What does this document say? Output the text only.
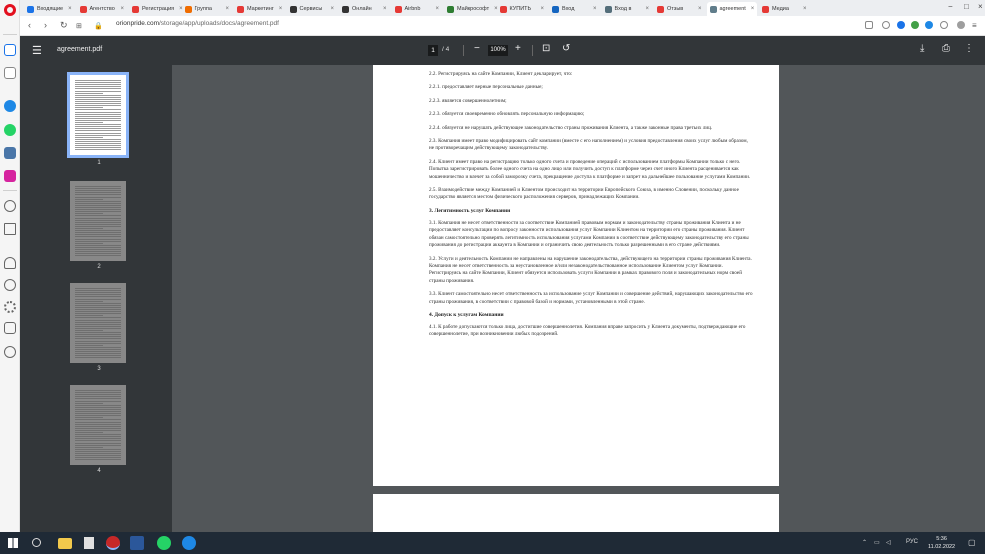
Входящие ×	Агентство ×	Регистрация × Группа	×	Маркетинг ×	Сервисы	×	Онлайн	×	Airbnb	×	Майкрософт × КУПИТЬ	×	Вход	×	Вход в	×	Отзыв	×	agreement ×	Медиа	×	− □ ×
‹ › ↻ ⊞ 🔒 orionpride.com/storage/app/uploads/docs/agreement.pdf	≡
☰ agreement.pdf	1	/ 4 −	100% + ⊡ ↺	⤓ ⎙ ⋮
1
2
3
4
2.2. Регистрируясь на сайте Компании, Клиент декларирует, что:
2.2.1. предоставляет верные персональные данные;
2.2.3. является совершеннолетним;
2.2.3. обязуется своевременно обновлять персональную информацию;
2.2.4. обязуется не нарушать действующее законодательство страны проживания Клиента, а также законные права третьих лиц.
2.3. Компания имеет право модифицировать сайт компании (вместе с его наполнением) и условия предоставления своих услуг любым образом, не противоречащим действующему законодательству.
2.4. Клиент имеет право на регистрацию только одного счета и проведение операций с использованием платформы Компании только с него. Попытка зарегистрировать более одного счета на одно лицо или получить доступ к платформе через счет иного Клиента расценивается как мошенничество и влечет за собой заморозку счета, прекращение доступа к платформе и запрет на дальнейшее пользование услугами Компании.
2.5. Взаимодействие между Компанией и Клиентом происходит на территории Европейского Союза, в именно Словении, поскольку данное государство является местом физического расположения серверов, принадлежащих Компании.
3. Легитимность услуг Компании
3.1. Компания не несет ответственности за соответствие Компанией правовым нормам и законодательству страны проживания Клиента и не предоставляет консультации по вопросу законности использования услуг Компании Клиентом на территории его страны проживания. Клиент обязан самостоятельно проверять легитимность использования услугами Компании в соответствие действующему законодательству его страны проживания до регистрации аккаунта в Компании и ограничить свою деятельность только разрешенными в его стране действиями.
3.2. Услуги и деятельность Компании не направлены на нарушение законодательства, действующего на территории страны проживания Клиента. Компания не несет ответственность за неустановленное и/или незаконодательствованное использование Клиентом услуг Компании. Регистрируясь на сайте Компании, Клиент обязуется использовать услуги Компании в рамках правового поля и законодательных норм своей страны проживания.
3.3. Клиент самостоятельно несет ответственность за использование услуг Компании и совершение действий, нарушающих законодательство его страны проживания, в соответствии с правовой базой и нормами, установленными в этой стране.
4. Допуск к услугам Компании
4.1. К работе допускаются только лица, достигшие совершеннолетия. Компания вправе запросить у Клиента документы, подтверждающие его совершеннолетие, при возникновении любых подозрений.
⌃ ▭ ◁	РУС	5:36
11.02.2022 ▢
